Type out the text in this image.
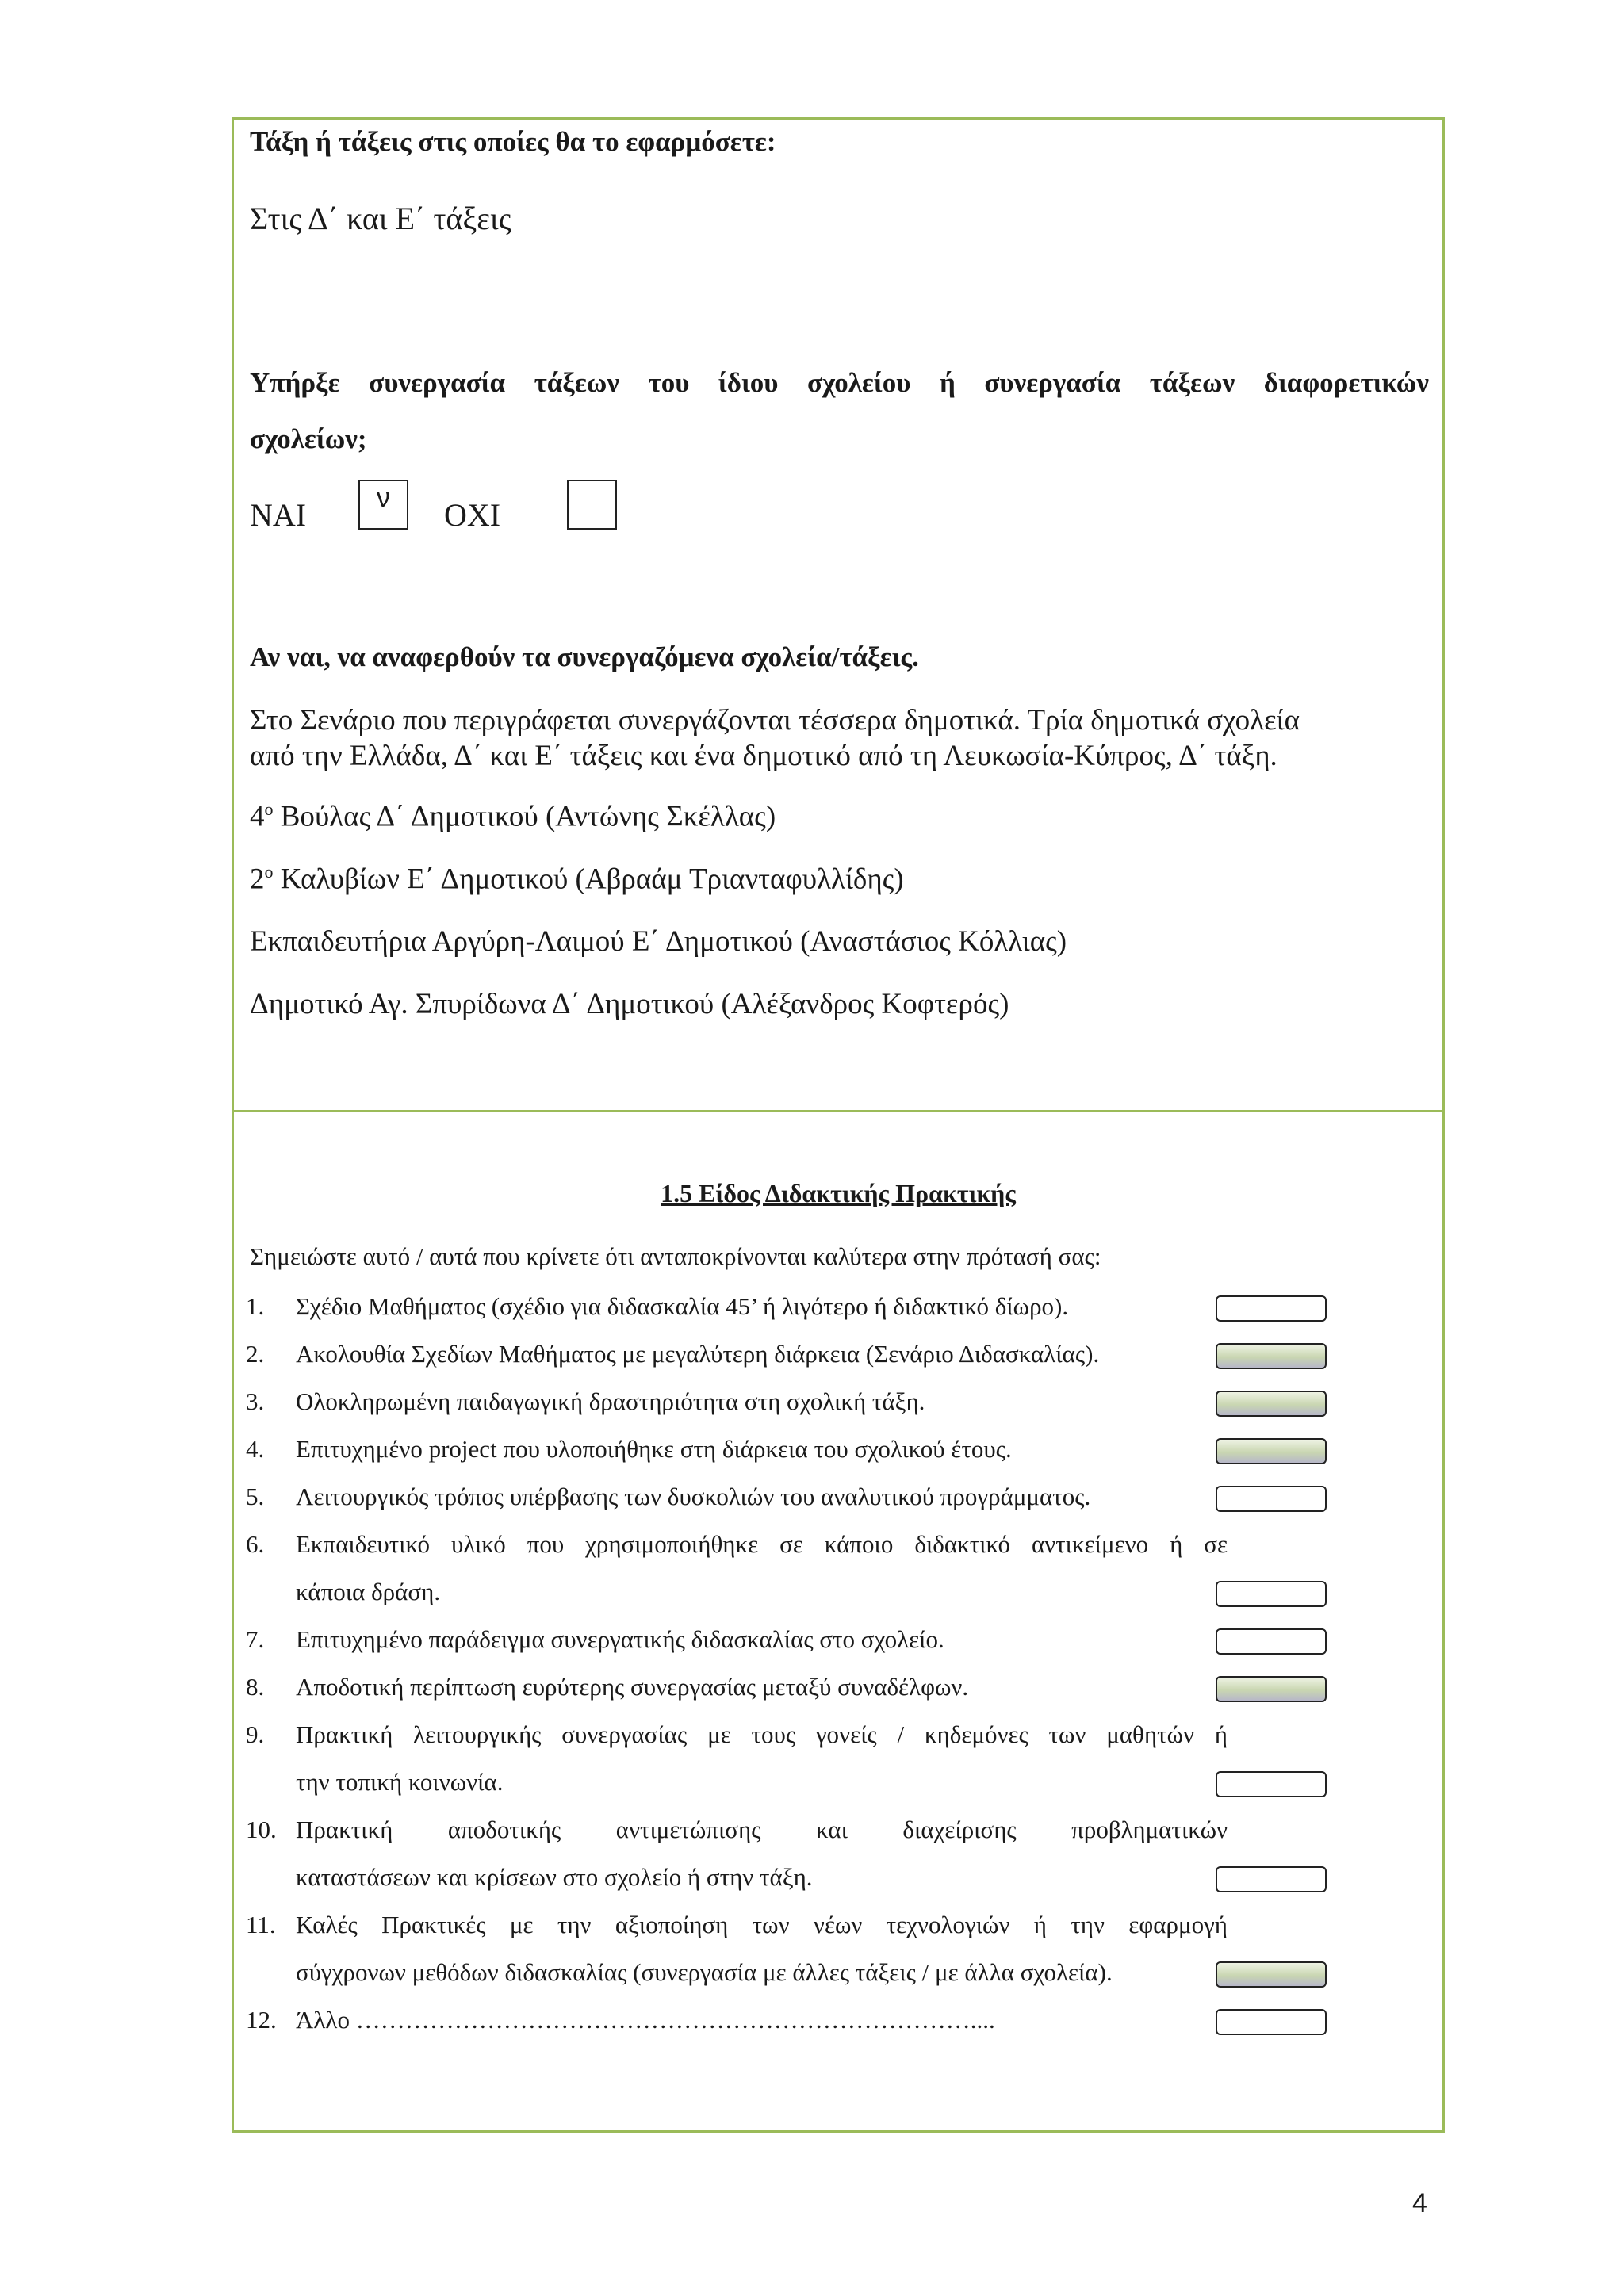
Τάξη ή τάξεις στις οποίες θα το εφαρμόσετε:
Στις Δ΄ και Ε΄ τάξεις
Υπήρξε συνεργασία τάξεων του ίδιου σχολείου ή συνεργασία τάξεων διαφορετικών
σχολείων;
ΝΑΙ	ν	ΟΧΙ
Αν ναι, να αναφερθούν τα συνεργαζόμενα σχολεία/τάξεις.
Στο Σενάριο που περιγράφεται συνεργάζονται τέσσερα δημοτικά. Τρία δημοτικά σχολεία
από την Ελλάδα, Δ΄ και Ε΄ τάξεις και ένα δημοτικό από τη Λευκωσία-Κύπρος, Δ΄ τάξη.
$4^o$ Βούλας Δ΄ Δημοτικού (Αντώνης Σκέλλας)
$2^o$ Καλυβίων Ε΄ Δημοτικού (Αβραάμ Τριανταφυλλίδης)
Εκπαιδευτήρια Αργύρη-Λαιμού Ε΄ Δημοτικού (Αναστάσιος Κόλλιας)
Δημοτικό Αγ. Σπυρίδωνα Δ΄ Δημοτικού (Αλέξανδρος Κοφτερός)
1.5 Είδος Διδακτικής Πρακτικής
Σημειώστε αυτό / αυτά που κρίνετε ότι ανταποκρίνονται καλύτερα στην πρότασή σας:
1. Σχέδιο Μαθήματος (σχέδιο για διδασκαλία 45’ ή λιγότερο ή διδακτικό δίωρο).
2. Ακολουθία Σχεδίων Μαθήματος με μεγαλύτερη διάρκεια (Σενάριο Διδασκαλίας).
3. Ολοκληρωμένη παιδαγωγική δραστηριότητα στη σχολική τάξη.
4. Επιτυχημένο project που υλοποιήθηκε στη διάρκεια του σχολικού έτους.
5. Λειτουργικός τρόπος υπέρβασης των δυσκολιών του αναλυτικού προγράμματος.
6. Εκπαιδευτικό υλικό που χρησιμοποιήθηκε σε κάποιο διδακτικό αντικείμενο ή σε
κάποια δράση.
7. Επιτυχημένο παράδειγμα συνεργατικής διδασκαλίας στο σχολείο.
8. Αποδοτική περίπτωση ευρύτερης συνεργασίας μεταξύ συναδέλφων.
9. Πρακτική λειτουργικής συνεργασίας με τους γονείς / κηδεμόνες των μαθητών ή
την τοπική κοινωνία.
10. Πρακτική αποδοτικής αντιμετώπισης και διαχείρισης προβληματικών
καταστάσεων και κρίσεων στο σχολείο ή στην τάξη.
11. Καλές Πρακτικές με την αξιοποίηση των νέων τεχνολογιών ή την εφαρμογή
σύγχρονων μεθόδων διδασκαλίας (συνεργασία με άλλες τάξεις / με άλλα σχολεία).
12. Άλλο …………………………………………………………………....
4
